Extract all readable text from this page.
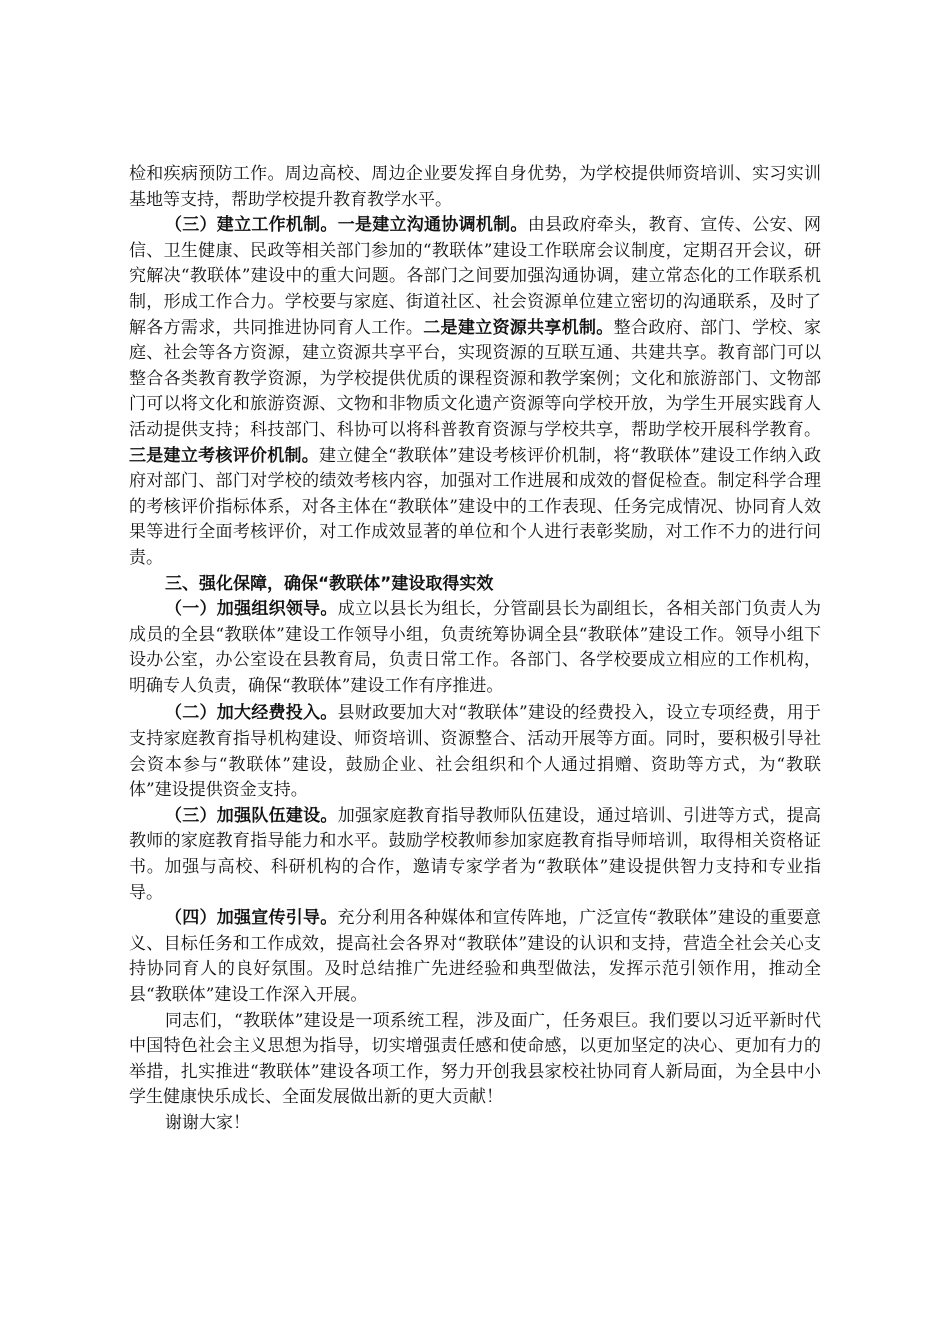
检和疾病预防工作。周边高校、周边企业要发挥自身优势，为学校提供师资培训、实习实训基地等支持，帮助学校提升教育教学水平。

（三）建立工作机制。一是建立沟通协调机制。由县政府牵头，教育、宣传、公安、网信、卫生健康、民政等相关部门参加的“教联体”建设工作联席会议制度，定期召开会议，研究解决“教联体”建设中的重大问题。各部门之间要加强沟通协调，建立常态化的工作联系机制，形成工作合力。学校要与家庭、街道社区、社会资源单位建立密切的沟通联系，及时了解各方需求，共同推进协同育人工作。二是建立资源共享机制。整合政府、部门、学校、家庭、社会等各方资源，建立资源共享平台，实现资源的互联互通、共建共享。教育部门可以整合各类教育教学资源，为学校提供优质的课程资源和教学案例；文化和旅游部门、文物部门可以将文化和旅游资源、文物和非物质文化遗产资源等向学校开放，为学生开展实践育人活动提供支持；科技部门、科协可以将科普教育资源与学校共享，帮助学校开展科学教育。三是建立考核评价机制。建立健全“教联体”建设考核评价机制，将“教联体”建设工作纳入政府对部门、部门对学校的绩效考核内容，加强对工作进展和成效的督促检查。制定科学合理的考核评价指标体系，对各主体在“教联体”建设中的工作表现、任务完成情况、协同育人效果等进行全面考核评价，对工作成效显著的单位和个人进行表彰奖励，对工作不力的进行问责。

三、强化保障，确保“教联体”建设取得实效

（一）加强组织领导。成立以县长为组长，分管副县长为副组长，各相关部门负责人为成员的全县“教联体”建设工作领导小组，负责统筹协调全县“教联体”建设工作。领导小组下设办公室，办公室设在县教育局，负责日常工作。各部门、各学校要成立相应的工作机构，明确专人负责，确保“教联体”建设工作有序推进。

（二）加大经费投入。县财政要加大对“教联体”建设的经费投入，设立专项经费，用于支持家庭教育指导机构建设、师资培训、资源整合、活动开展等方面。同时，要积极引导社会资本参与“教联体”建设，鼓励企业、社会组织和个人通过捐赠、资助等方式，为“教联体”建设提供资金支持。

（三）加强队伍建设。加强家庭教育指导教师队伍建设，通过培训、引进等方式，提高教师的家庭教育指导能力和水平。鼓励学校教师参加家庭教育指导师培训，取得相关资格证书。加强与高校、科研机构的合作，邀请专家学者为“教联体”建设提供智力支持和专业指导。

（四）加强宣传引导。充分利用各种媒体和宣传阵地，广泛宣传“教联体”建设的重要意义、目标任务和工作成效，提高社会各界对“教联体”建设的认识和支持，营造全社会关心支持协同育人的良好氛围。及时总结推广先进经验和典型做法，发挥示范引领作用，推动全县“教联体”建设工作深入开展。

同志们，“教联体”建设是一项系统工程，涉及面广，任务艰巨。我们要以习近平新时代中国特色社会主义思想为指导，切实增强责任感和使命感，以更加坚定的决心、更加有力的举措，扎实推进“教联体”建设各项工作，努力开创我县家校社协同育人新局面，为全县中小学生健康快乐成长、全面发展做出新的更大贡献！

谢谢大家！
